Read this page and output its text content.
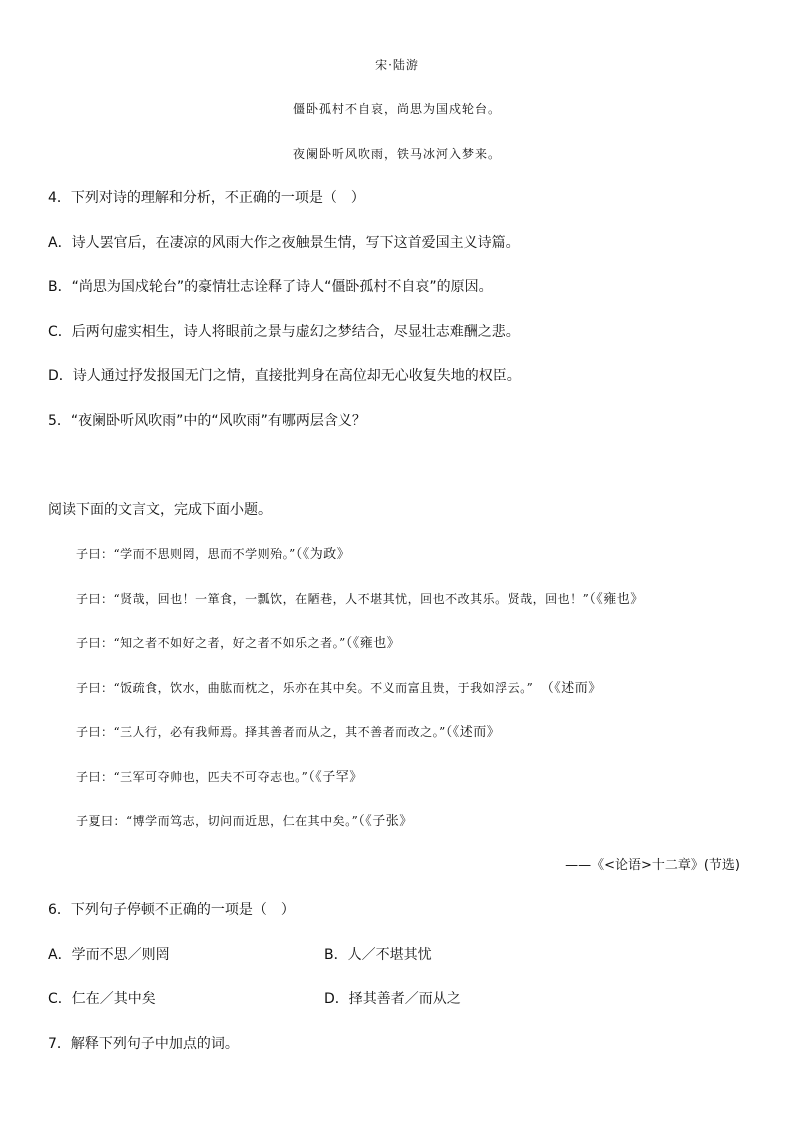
宋·陆游
僵卧孤村不自哀，尚思为国戍轮台。
夜阑卧听风吹雨，铁马冰河入梦来。
4．下列对诗的理解和分析，不正确的一项是（　）
A．诗人罢官后，在凄凉的风雨大作之夜触景生情，写下这首爱国主义诗篇。
B．“尚思为国戍轮台”的豪情壮志诠释了诗人“僵卧孤村不自哀”的原因。
C．后两句虚实相生，诗人将眼前之景与虚幻之梦结合，尽显壮志难酬之悲。
D．诗人通过抒发报国无门之情，直接批判身在高位却无心收复失地的权臣。
5．“夜阑卧听风吹雨”中的“风吹雨”有哪两层含义？
阅读下面的文言文，完成下面小题。
子曰：“学而不思则罔，思而不学则殆。”（《为政》
子曰：“贤哉，回也！一箪食，一瓢饮，在陋巷，人不堪其忧，回也不改其乐。贤哉，回也！”（《雍也》
子曰：“知之者不如好之者，好之者不如乐之者。”（《雍也》
子曰：“饭疏食，饮水，曲肱而枕之，乐亦在其中矣。不义而富且贵，于我如浮云。” （《述而》
子曰：“三人行，必有我师焉。择其善者而从之，其不善者而改之。”（《述而》
子曰：“三军可夺帅也，匹夫不可夺志也。”（《子罕》
子夏曰：“博学而笃志，切问而近思，仁在其中矣。”（《子张》
——《<论语>十二章》(节选)
6．下列句子停顿不正确的一项是（　）
A．学而不思／则罔	B．人／不堪其忧
C．仁在／其中矣	D．择其善者／而从之
7．解释下列句子中加点的词。
